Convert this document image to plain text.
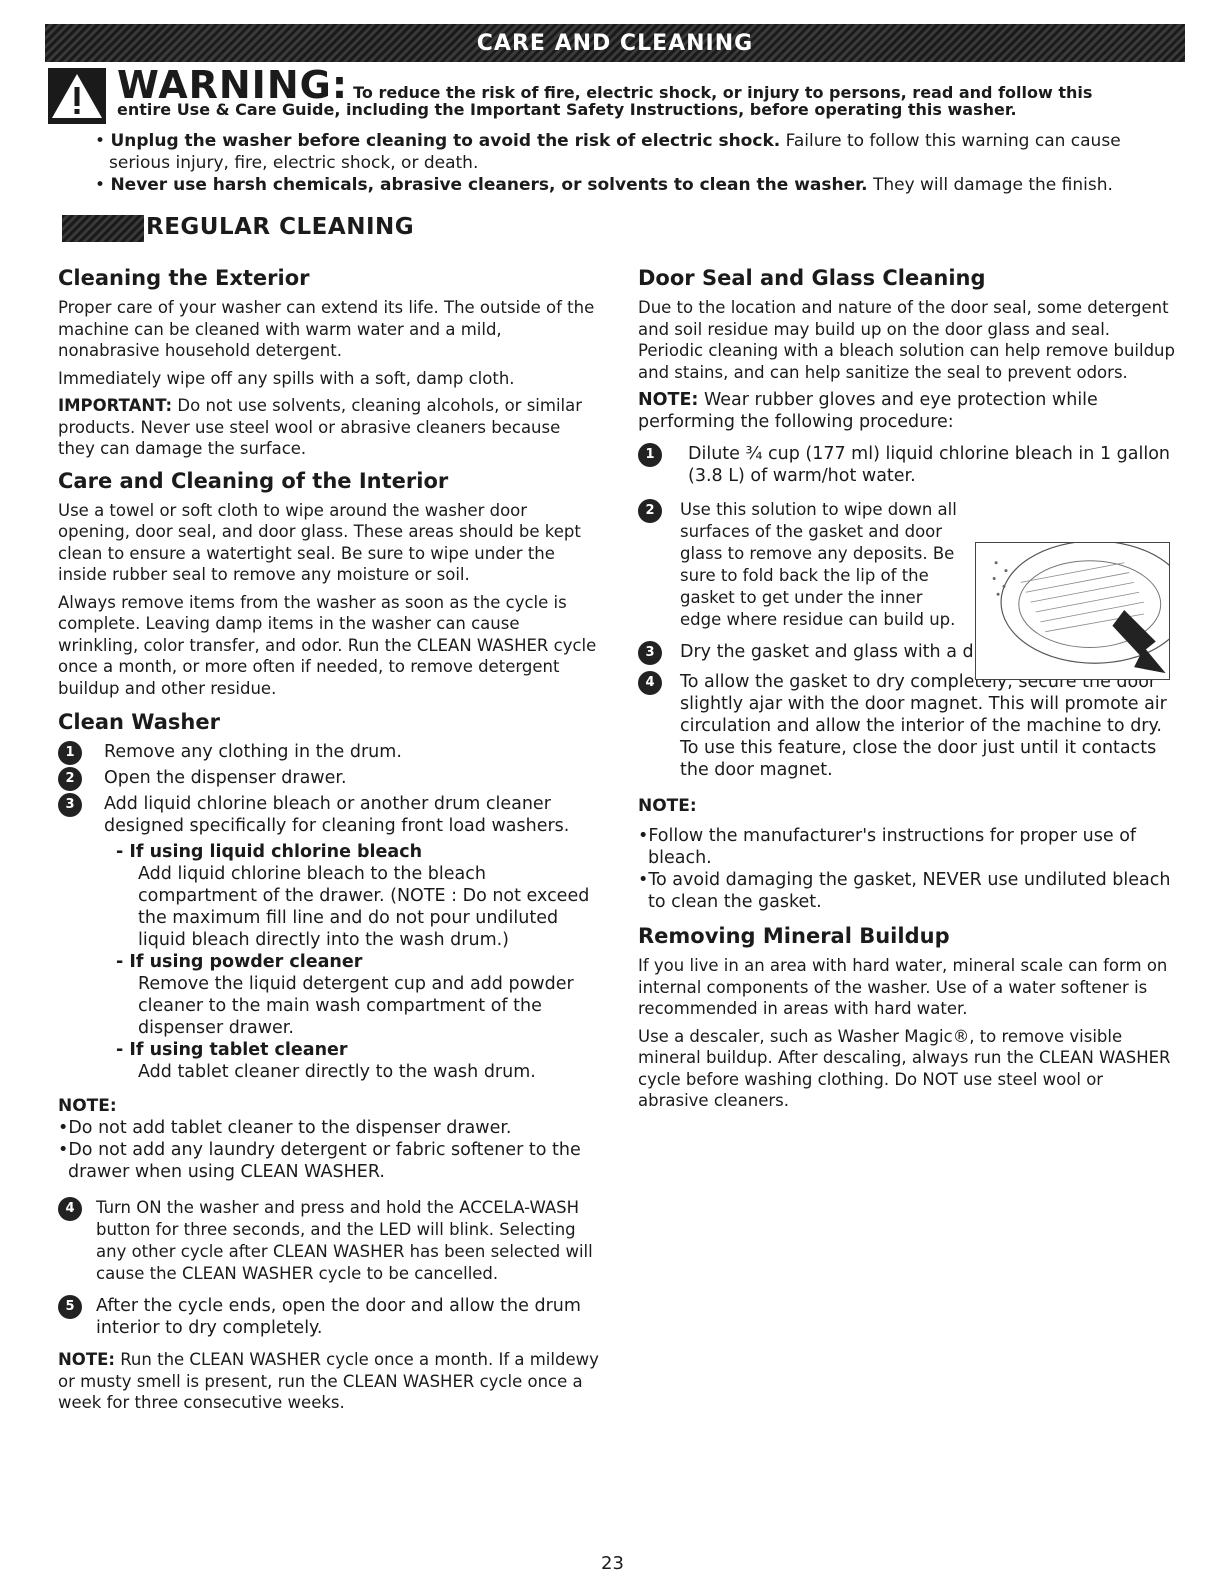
CARE AND CLEANING
WARNING: To reduce the risk of fire, electric shock, or injury to persons, read and follow this
entire Use & Care Guide, including the Important Safety Instructions, before operating this washer.

• Unplug the washer before cleaning to avoid the risk of electric shock. Failure to follow this warning can cause serious injury, fire, electric shock, or death.

• Never use harsh chemicals, abrasive cleaners, or solvents to clean the washer. They will damage the finish.

REGULAR CLEANING
Cleaning the Exterior
Proper care of your washer can extend its life. The outside of the machine can be cleaned with warm water and a mild, nonabrasive household detergent.
Immediately wipe off any spills with a soft, damp cloth.
IMPORTANT: Do not use solvents, cleaning alcohols, or similar products. Never use steel wool or abrasive cleaners because they can damage the surface.
Care and Cleaning of the Interior
Use a towel or soft cloth to wipe around the washer door opening, door seal, and door glass. These areas should be kept clean to ensure a watertight seal. Be sure to wipe under the inside rubber seal to remove any moisture or soil.
Always remove items from the washer as soon as the cycle is complete. Leaving damp items in the washer can cause wrinkling, color transfer, and odor. Run the CLEAN WASHER cycle once a month, or more often if needed, to remove detergent buildup and other residue.
Clean Washer
1	Remove any clothing in the drum.
2	Open the dispenser drawer.
3	Add liquid chlorine bleach or another drum cleaner designed specifically for cleaning front load washers.
- If using liquid chlorine bleach
Add liquid chlorine bleach to the bleach compartment of the drawer. (NOTE : Do not exceed the maximum fill line and do not pour undiluted liquid bleach directly into the wash drum.)
- If using powder cleaner
Remove the liquid detergent cup and add powder cleaner to the main wash compartment of the dispenser drawer.
- If using tablet cleaner
Add tablet cleaner directly to the wash drum.
NOTE:
•Do not add tablet cleaner to the dispenser drawer.
•Do not add any laundry detergent or fabric softener to the drawer when using CLEAN WASHER.
4	Turn ON the washer and press and hold the ACCELA-WASH button for three seconds, and the LED will blink. Selecting any other cycle after CLEAN WASHER has been selected will cause the CLEAN WASHER cycle to be cancelled.
5	After the cycle ends, open the door and allow the drum interior to dry completely.
NOTE: Run the CLEAN WASHER cycle once a month. If a mildewy or musty smell is present, run the CLEAN WASHER cycle once a week for three consecutive weeks.
Door Seal and Glass Cleaning
Due to the location and nature of the door seal, some detergent and soil residue may build up on the door glass and seal. Periodic cleaning with a bleach solution can help remove buildup and stains, and can help sanitize the seal to prevent odors.
NOTE: Wear rubber gloves and eye protection while performing the following procedure:
1	Dilute ¾ cup (177 ml) liquid chlorine bleach in 1 gallon (3.8 L) of warm/hot water.
2	Use this solution to wipe down all surfaces of the gasket and door glass to remove any deposits. Be sure to fold back the lip of the gasket to get under the inner edge where residue can build up.
3	Dry the gasket and glass with a dry cloth.
4	To allow the gasket to dry completely, secure the door slightly ajar with the door magnet. This will promote air circulation and allow the interior of the machine to dry. To use this feature, close the door just until it contacts the door magnet.
NOTE:
•Follow the manufacturer's instructions for proper use of bleach.
•To avoid damaging the gasket, NEVER use undiluted bleach to clean the gasket.
Removing Mineral Buildup
If you live in an area with hard water, mineral scale can form on internal components of the washer. Use of a water softener is recommended in areas with hard water.
Use a descaler, such as Washer Magic®, to remove visible mineral buildup. After descaling, always run the CLEAN WASHER cycle before washing clothing. Do NOT use steel wool or abrasive cleaners.
23
